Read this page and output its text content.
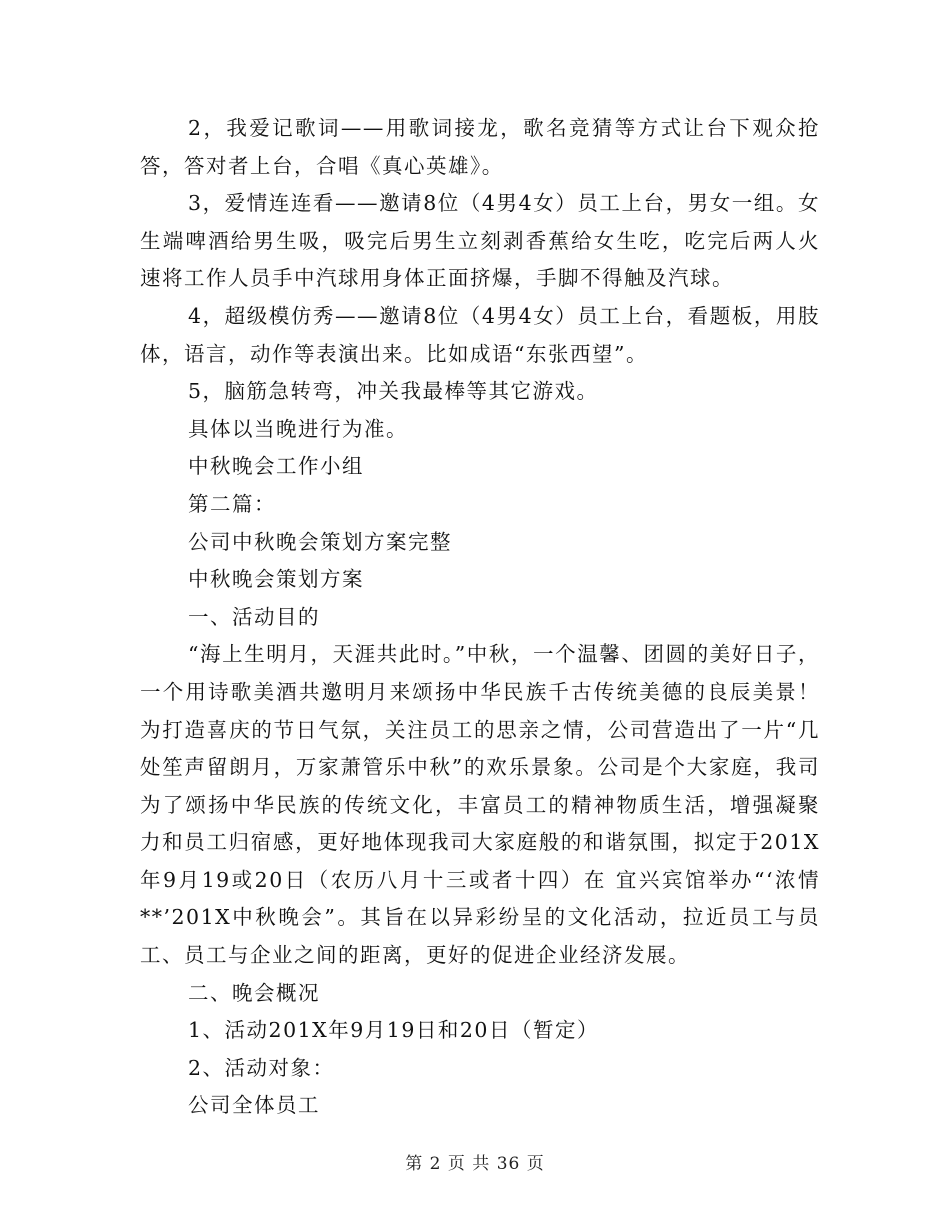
2，我爱记歌词——用歌词接龙，歌名竞猜等方式让台下观众抢答，答对者上台，合唱《真心英雄》。

3，爱情连连看——邀请8位（4男4女）员工上台，男女一组。女生端啤酒给男生吸，吸完后男生立刻剥香蕉给女生吃，吃完后两人火速将工作人员手中汽球用身体正面挤爆，手脚不得触及汽球。

4，超级模仿秀——邀请8位（4男4女）员工上台，看题板，用肢体，语言，动作等表演出来。比如成语“东张西望”。

5，脑筋急转弯，冲关我最棒等其它游戏。

具体以当晚进行为准。

中秋晚会工作小组

第二篇：

公司中秋晚会策划方案完整

中秋晚会策划方案

一、活动目的

“海上生明月，天涯共此时。”中秋，一个温馨、团圆的美好日子，一个用诗歌美酒共邀明月来颂扬中华民族千古传统美德的良辰美景！为打造喜庆的节日气氛，关注员工的思亲之情，公司营造出了一片“几处笙声留朗月，万家萧管乐中秋”的欢乐景象。公司是个大家庭，我司为了颂扬中华民族的传统文化，丰富员工的精神物质生活，增强凝聚力和员工归宿感，更好地体现我司大家庭般的和谐氛围，拟定于201X年9月19或20日（农历八月十三或者十四）在 宜兴宾馆举办“‘浓情**’201X中秋晚会”。其旨在以异彩纷呈的文化活动，拉近员工与员工、员工与企业之间的距离，更好的促进企业经济发展。

二、晚会概况

1、活动201X年9月19日和20日（暂定）

2、活动对象：

公司全体员工

第 2 页 共 36 页
